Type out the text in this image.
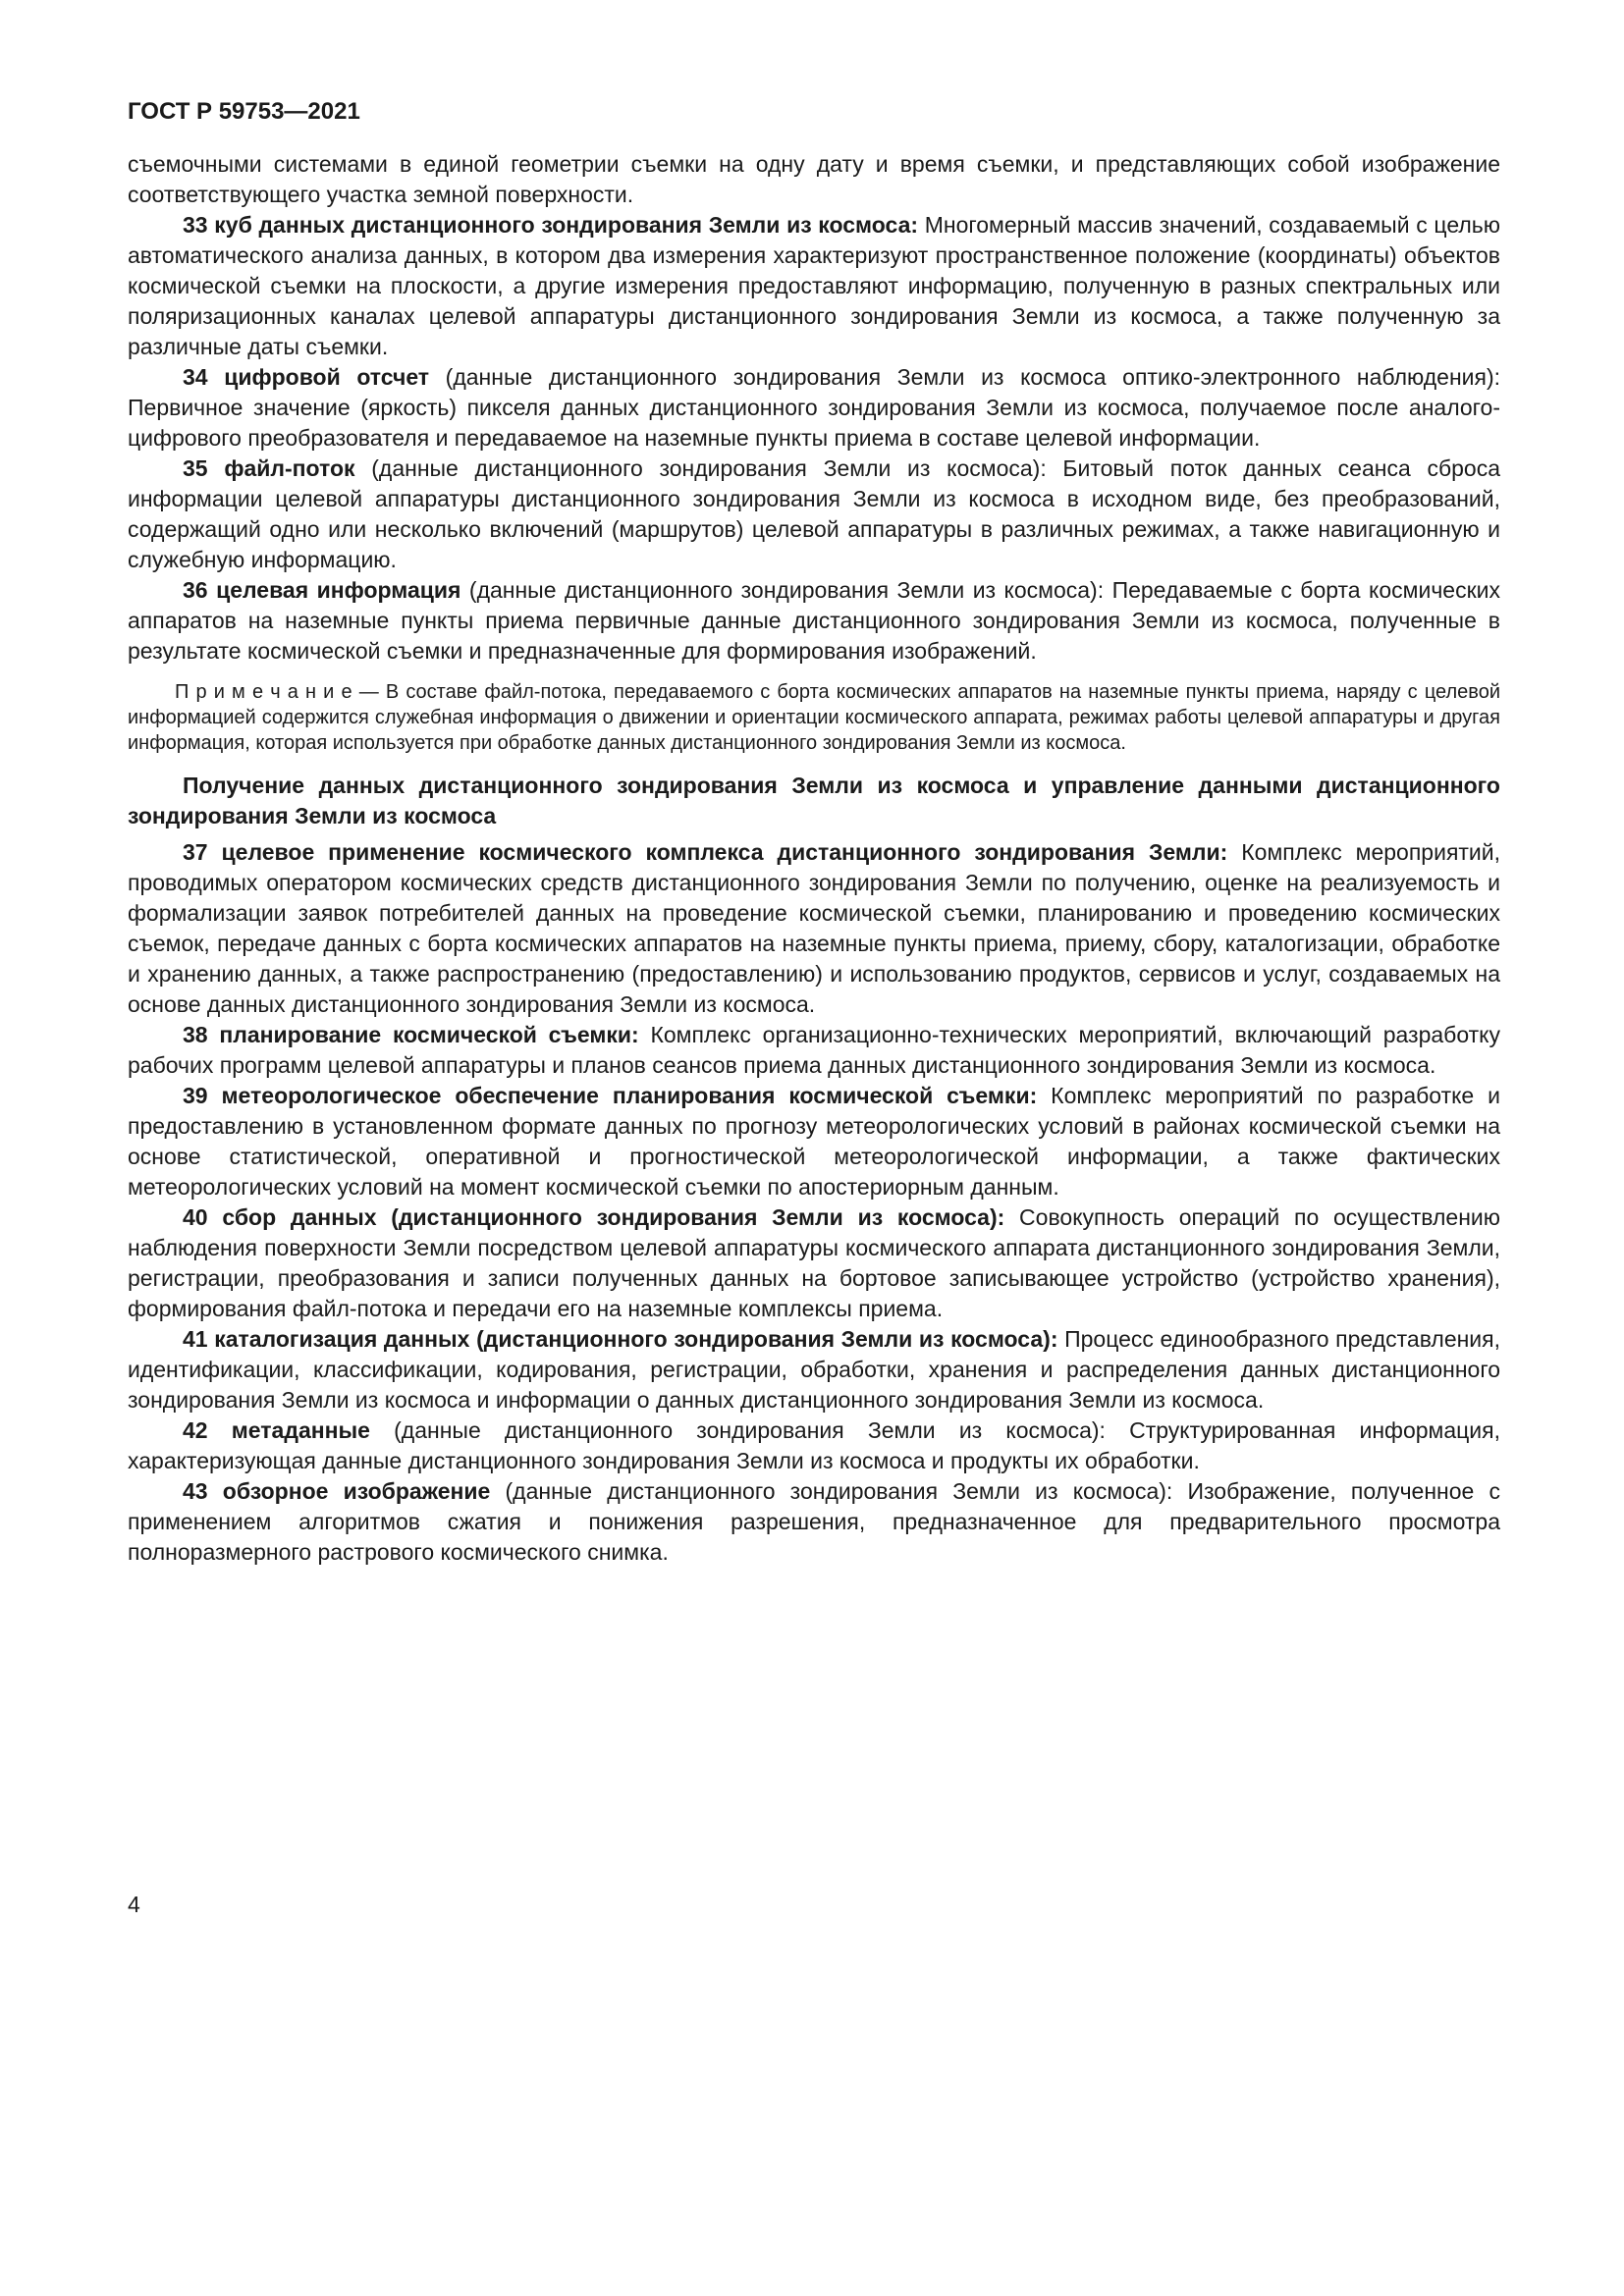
ГОСТ Р 59753—2021

съемочными системами в единой геометрии съемки на одну дату и время съемки, и представляющих собой изображение соответствующего участка земной поверхности.

33 куб данных дистанционного зондирования Земли из космоса: Многомерный массив значений, создаваемый с целью автоматического анализа данных, в котором два измерения характеризуют пространственное положение (координаты) объектов космической съемки на плоскости, а другие измерения предоставляют информацию, полученную в разных спектральных или поляризационных каналах целевой аппаратуры дистанционного зондирования Земли из космоса, а также полученную за различные даты съемки.

34 цифровой отсчет (данные дистанционного зондирования Земли из космоса оптико-электронного наблюдения): Первичное значение (яркость) пикселя данных дистанционного зондирования Земли из космоса, получаемое после аналого-цифрового преобразователя и передаваемое на наземные пункты приема в составе целевой информации.

35 файл-поток (данные дистанционного зондирования Земли из космоса): Битовый поток данных сеанса сброса информации целевой аппаратуры дистанционного зондирования Земли из космоса в исходном виде, без преобразований, содержащий одно или несколько включений (маршрутов) целевой аппаратуры в различных режимах, а также навигационную и служебную информацию.

36 целевая информация (данные дистанционного зондирования Земли из космоса): Передаваемые с борта космических аппаратов на наземные пункты приема первичные данные дистанционного зондирования Земли из космоса, полученные в результате космической съемки и предназначенные для формирования изображений.

П р и м е ч а н и е — В составе файл-потока, передаваемого с борта космических аппаратов на наземные пункты приема, наряду с целевой информацией содержится служебная информация о движении и ориентации космического аппарата, режимах работы целевой аппаратуры и другая информация, которая используется при обработке данных дистанционного зондирования Земли из космоса.

Получение данных дистанционного зондирования Земли из космоса и управление данными дистанционного зондирования Земли из космоса

37 целевое применение космического комплекса дистанционного зондирования Земли: Комплекс мероприятий, проводимых оператором космических средств дистанционного зондирования Земли по получению, оценке на реализуемость и формализации заявок потребителей данных на проведение космической съемки, планированию и проведению космических съемок, передаче данных с борта космических аппаратов на наземные пункты приема, приему, сбору, каталогизации, обработке и хранению данных, а также распространению (предоставлению) и использованию продуктов, сервисов и услуг, создаваемых на основе данных дистанционного зондирования Земли из космоса.

38 планирование космической съемки: Комплекс организационно-технических мероприятий, включающий разработку рабочих программ целевой аппаратуры и планов сеансов приема данных дистанционного зондирования Земли из космоса.

39 метеорологическое обеспечение планирования космической съемки: Комплекс мероприятий по разработке и предоставлению в установленном формате данных по прогнозу метеорологических условий в районах космической съемки на основе статистической, оперативной и прогностической метеорологической информации, а также фактических метеорологических условий на момент космической съемки по апостериорным данным.

40 сбор данных (дистанционного зондирования Земли из космоса): Совокупность операций по осуществлению наблюдения поверхности Земли посредством целевой аппаратуры космического аппарата дистанционного зондирования Земли, регистрации, преобразования и записи полученных данных на бортовое записывающее устройство (устройство хранения), формирования файл-потока и передачи его на наземные комплексы приема.

41 каталогизация данных (дистанционного зондирования Земли из космоса): Процесс единообразного представления, идентификации, классификации, кодирования, регистрации, обработки, хранения и распределения данных дистанционного зондирования Земли из космоса и информации о данных дистанционного зондирования Земли из космоса.

42 метаданные (данные дистанционного зондирования Земли из космоса): Структурированная информация, характеризующая данные дистанционного зондирования Земли из космоса и продукты их обработки.

43 обзорное изображение (данные дистанционного зондирования Земли из космоса): Изображение, полученное с применением алгоритмов сжатия и понижения разрешения, предназначенное для предварительного просмотра полноразмерного растрового космического снимка.

4
